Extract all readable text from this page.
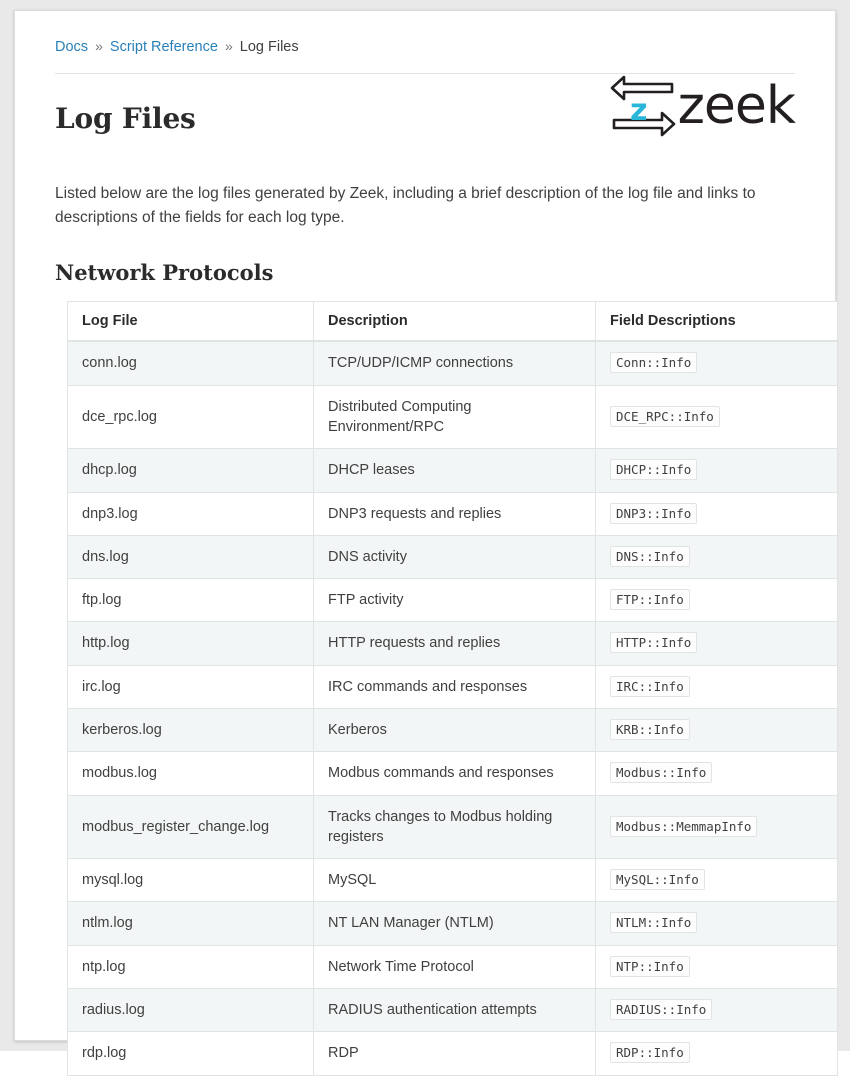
Docs » Script Reference » Log Files
Log Files	z zeek

Listed below are the log files generated by Zeek, including a brief description of the log file and links to descriptions of the fields for each log type.

Network Protocols
Log File	Description	Field Descriptions
conn.log	TCP/UDP/ICMP connections	Conn::Info
dce_rpc.log	Distributed Computing Environment/RPC	DCE_RPC::Info
dhcp.log	DHCP leases	DHCP::Info
dnp3.log	DNP3 requests and replies	DNP3::Info
dns.log	DNS activity	DNS::Info
ftp.log	FTP activity	FTP::Info
http.log	HTTP requests and replies	HTTP::Info
irc.log	IRC commands and responses	IRC::Info
kerberos.log	Kerberos	KRB::Info
modbus.log	Modbus commands and responses	Modbus::Info
modbus_register_change.log	Tracks changes to Modbus holding registers	Modbus::MemmapInfo
mysql.log	MySQL	MySQL::Info
ntlm.log	NT LAN Manager (NTLM)	NTLM::Info
ntp.log	Network Time Protocol	NTP::Info
radius.log	RADIUS authentication attempts	RADIUS::Info
rdp.log	RDP	RDP::Info
